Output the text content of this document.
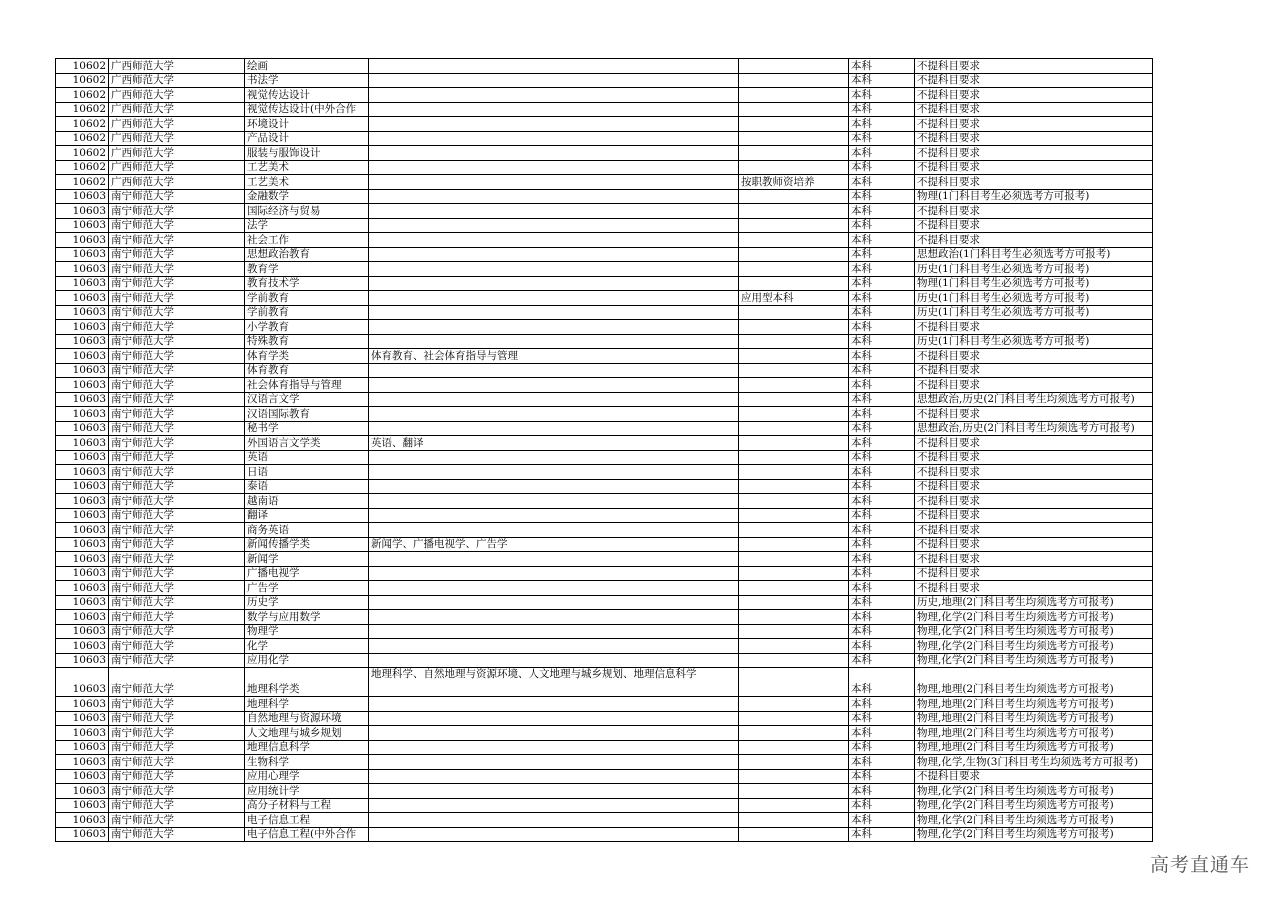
10602	广西师范大学	绘画			本科	不提科目要求
10602	广西师范大学	书法学			本科	不提科目要求
10602	广西师范大学	视觉传达设计			本科	不提科目要求
10602	广西师范大学	视觉传达设计(中外合作			本科	不提科目要求
10602	广西师范大学	环境设计			本科	不提科目要求
10602	广西师范大学	产品设计			本科	不提科目要求
10602	广西师范大学	服装与服饰设计			本科	不提科目要求
10602	广西师范大学	工艺美术			本科	不提科目要求
10602	广西师范大学	工艺美术		按职教师资培养	本科	不提科目要求
10603	南宁师范大学	金融数学			本科	物理(1门科目考生必须选考方可报考)
10603	南宁师范大学	国际经济与贸易			本科	不提科目要求
10603	南宁师范大学	法学			本科	不提科目要求
10603	南宁师范大学	社会工作			本科	不提科目要求
10603	南宁师范大学	思想政治教育			本科	思想政治(1门科目考生必须选考方可报考)
10603	南宁师范大学	教育学			本科	历史(1门科目考生必须选考方可报考)
10603	南宁师范大学	教育技术学			本科	物理(1门科目考生必须选考方可报考)
10603	南宁师范大学	学前教育		应用型本科	本科	历史(1门科目考生必须选考方可报考)
10603	南宁师范大学	学前教育			本科	历史(1门科目考生必须选考方可报考)
10603	南宁师范大学	小学教育			本科	不提科目要求
10603	南宁师范大学	特殊教育			本科	历史(1门科目考生必须选考方可报考)
10603	南宁师范大学	体育学类	体育教育、社会体育指导与管理		本科	不提科目要求
10603	南宁师范大学	体育教育			本科	不提科目要求
10603	南宁师范大学	社会体育指导与管理			本科	不提科目要求
10603	南宁师范大学	汉语言文学			本科	思想政治,历史(2门科目考生均须选考方可报考)
10603	南宁师范大学	汉语国际教育			本科	不提科目要求
10603	南宁师范大学	秘书学			本科	思想政治,历史(2门科目考生均须选考方可报考)
10603	南宁师范大学	外国语言文学类	英语、翻译		本科	不提科目要求
10603	南宁师范大学	英语			本科	不提科目要求
10603	南宁师范大学	日语			本科	不提科目要求
10603	南宁师范大学	泰语			本科	不提科目要求
10603	南宁师范大学	越南语			本科	不提科目要求
10603	南宁师范大学	翻译			本科	不提科目要求
10603	南宁师范大学	商务英语			本科	不提科目要求
10603	南宁师范大学	新闻传播学类	新闻学、广播电视学、广告学		本科	不提科目要求
10603	南宁师范大学	新闻学			本科	不提科目要求
10603	南宁师范大学	广播电视学			本科	不提科目要求
10603	南宁师范大学	广告学			本科	不提科目要求
10603	南宁师范大学	历史学			本科	历史,地理(2门科目考生均须选考方可报考)
10603	南宁师范大学	数学与应用数学			本科	物理,化学(2门科目考生均须选考方可报考)
10603	南宁师范大学	物理学			本科	物理,化学(2门科目考生均须选考方可报考)
10603	南宁师范大学	化学			本科	物理,化学(2门科目考生均须选考方可报考)
10603	南宁师范大学	应用化学			本科	物理,化学(2门科目考生均须选考方可报考)
10603	南宁师范大学	地理科学类	地理科学、自然地理与资源环境、人文地理与城乡规划、地理信息科学		本科	物理,地理(2门科目考生均须选考方可报考)
10603	南宁师范大学	地理科学			本科	物理,地理(2门科目考生均须选考方可报考)
10603	南宁师范大学	自然地理与资源环境			本科	物理,地理(2门科目考生均须选考方可报考)
10603	南宁师范大学	人文地理与城乡规划			本科	物理,地理(2门科目考生均须选考方可报考)
10603	南宁师范大学	地理信息科学			本科	物理,地理(2门科目考生均须选考方可报考)
10603	南宁师范大学	生物科学			本科	物理,化学,生物(3门科目考生均须选考方可报考)
10603	南宁师范大学	应用心理学			本科	不提科目要求
10603	南宁师范大学	应用统计学			本科	物理,化学(2门科目考生均须选考方可报考)
10603	南宁师范大学	高分子材料与工程			本科	物理,化学(2门科目考生均须选考方可报考)
10603	南宁师范大学	电子信息工程			本科	物理,化学(2门科目考生均须选考方可报考)
10603	南宁师范大学	电子信息工程(中外合作			本科	物理,化学(2门科目考生均须选考方可报考)
高考直通车
